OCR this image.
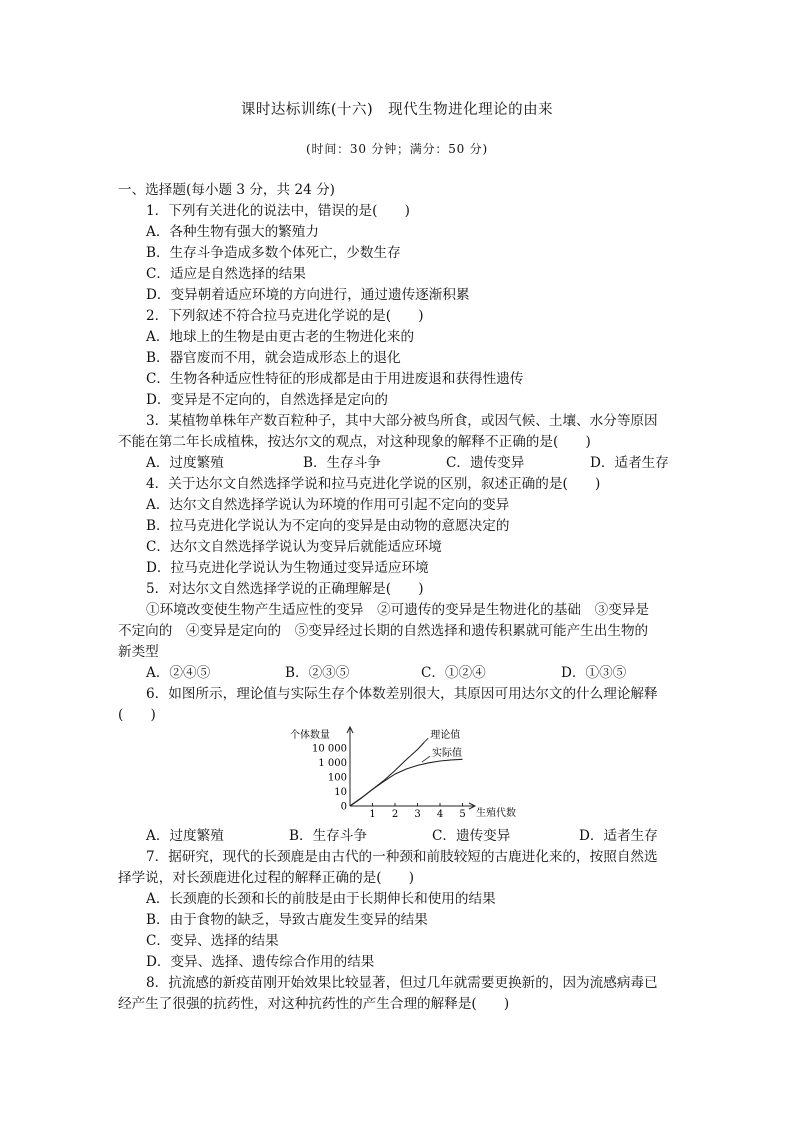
课时达标训练(十六)　现代生物进化理论的由来
(时间：30 分钟；满分：50 分)
一、选择题(每小题 3 分，共 24 分)
1．下列有关进化的说法中，错误的是(　　)
A．各种生物有强大的繁殖力
B．生存斗争造成多数个体死亡，少数生存
C．适应是自然选择的结果
D．变异朝着适应环境的方向进行，通过遗传逐渐积累
2．下列叙述不符合拉马克进化学说的是(　　)
A．地球上的生物是由更古老的生物进化来的
B．器官废而不用，就会造成形态上的退化
C．生物各种适应性特征的形成都是由于用进废退和获得性遗传
D．变异是不定向的，自然选择是定向的
3．某植物单株年产数百粒种子，其中大部分被鸟所食，或因气候、土壤、水分等原因
不能在第二年长成植株，按达尔文的观点，对这种现象的解释不正确的是(　　)
A．过度繁殖	B．生存斗争	C．遗传变异	D．适者生存
4．关于达尔文自然选择学说和拉马克进化学说的区别，叙述正确的是(　　)
A．达尔文自然选择学说认为环境的作用可引起不定向的变异
B．拉马克进化学说认为不定向的变异是由动物的意愿决定的
C．达尔文自然选择学说认为变异后就能适应环境
D．拉马克进化学说认为生物通过变异适应环境
5．对达尔文自然选择学说的正确理解是(　　)
①环境改变使生物产生适应性的变异　②可遗传的变异是生物进化的基础　③变异是
不定向的　④变异是定向的　⑤变异经过长期的自然选择和遗传积累就可能产生出生物的
新类型
A．②④⑤	B．②③⑤	C．①②④	D．①③⑤
6．如图所示，理论值与实际生存个体数差别很大，其原因可用达尔文的什么理论解释
(　　)
个体数量
生殖代数
0
10
100
1 000
10 000
1 2 3 4 5
理论值
实际值
A．过度繁殖	B．生存斗争	C．遗传变异	D．适者生存
7．据研究，现代的长颈鹿是由古代的一种颈和前肢较短的古鹿进化来的，按照自然选
择学说，对长颈鹿进化过程的解释正确的是(　　)
A．长颈鹿的长颈和长的前肢是由于长期伸长和使用的结果
B．由于食物的缺乏，导致古鹿发生变异的结果
C．变异、选择的结果
D．变异、选择、遗传综合作用的结果
8．抗流感的新疫苗刚开始效果比较显著，但过几年就需要更换新的，因为流感病毒已
经产生了很强的抗药性，对这种抗药性的产生合理的解释是(　　)
